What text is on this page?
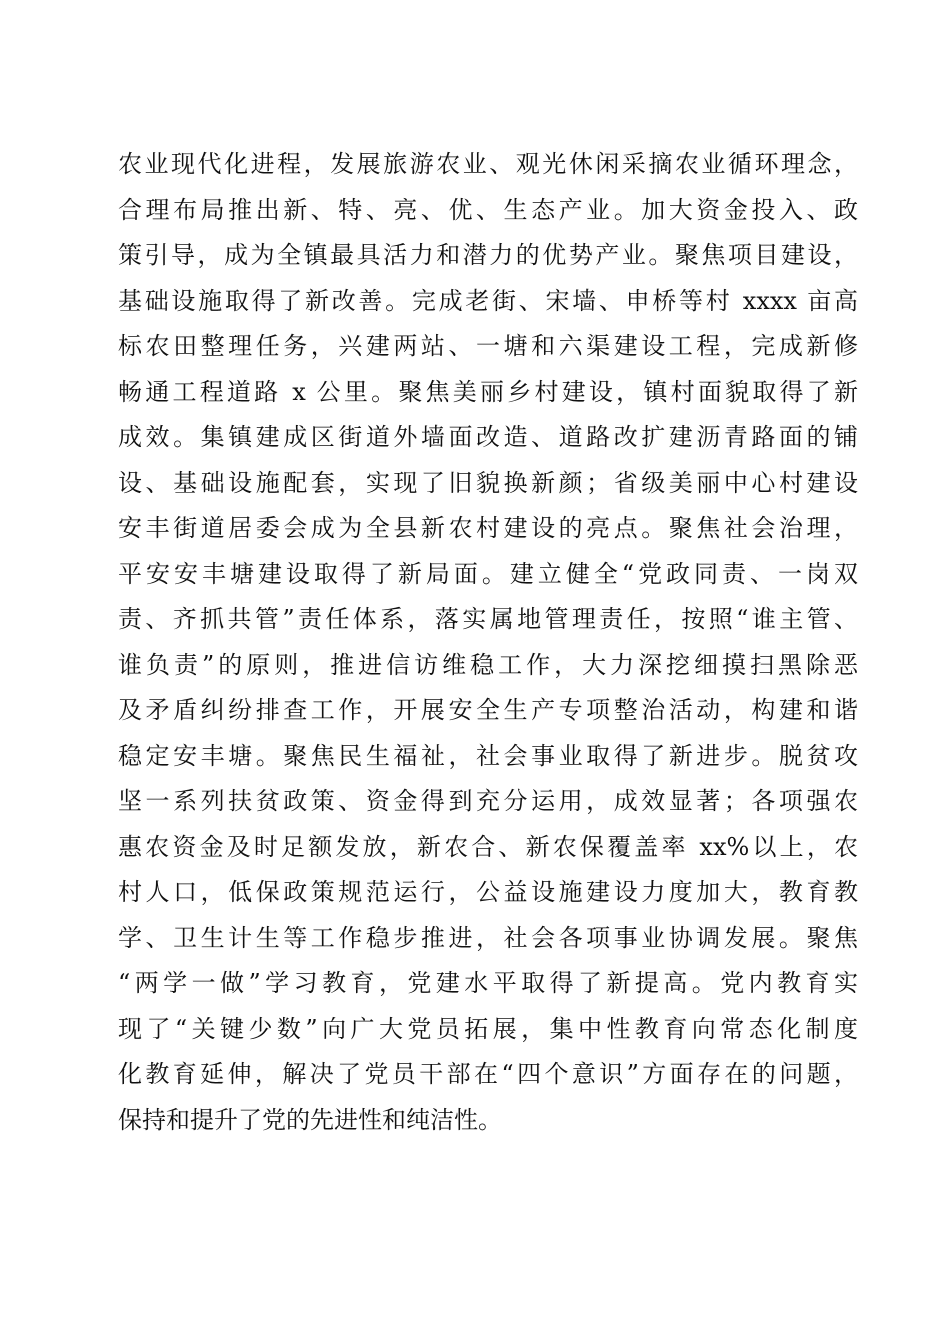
农业现代化进程，发展旅游农业、观光休闲采摘农业循环理念，
合理布局推出新、特、亮、优、生态产业。加大资金投入、政
策引导，成为全镇最具活力和潜力的优势产业。聚焦项目建设，
基础设施取得了新改善。完成老街、宋墙、申桥等村 xxxx 亩高
标农田整理任务，兴建两站、一塘和六渠建设工程，完成新修
畅通工程道路 x 公里。聚焦美丽乡村建设，镇村面貌取得了新
成效。集镇建成区街道外墙面改造、道路改扩建沥青路面的铺
设、基础设施配套，实现了旧貌换新颜；省级美丽中心村建设
安丰街道居委会成为全县新农村建设的亮点。聚焦社会治理，
平安安丰塘建设取得了新局面。建立健全“党政同责、一岗双
责、齐抓共管”责任体系，落实属地管理责任，按照“谁主管、
谁负责”的原则，推进信访维稳工作，大力深挖细摸扫黑除恶
及矛盾纠纷排查工作，开展安全生产专项整治活动，构建和谐
稳定安丰塘。聚焦民生福祉，社会事业取得了新进步。脱贫攻
坚一系列扶贫政策、资金得到充分运用，成效显著；各项强农
惠农资金及时足额发放，新农合、新农保覆盖率 xx%以上，农
村人口，低保政策规范运行，公益设施建设力度加大，教育教
学、卫生计生等工作稳步推进，社会各项事业协调发展。聚焦
“两学一做”学习教育，党建水平取得了新提高。党内教育实
现了“关键少数”向广大党员拓展，集中性教育向常态化制度
化教育延伸，解决了党员干部在“四个意识”方面存在的问题，
保持和提升了党的先进性和纯洁性。
